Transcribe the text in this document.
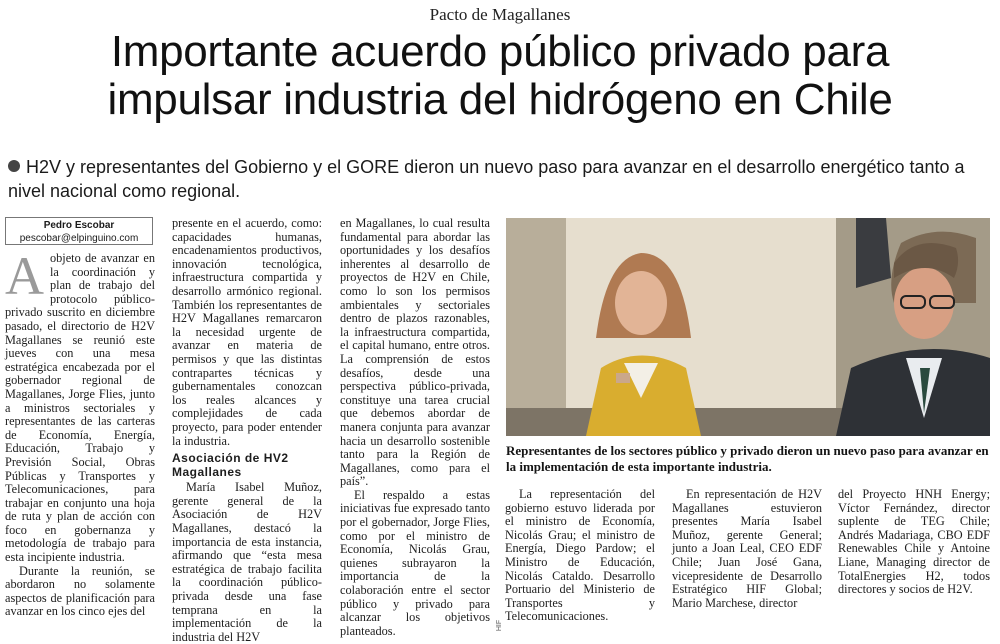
Pacto de Magallanes
Importante acuerdo público privado para
impulsar industria del hidrógeno en Chile
H2V y representantes del Gobierno y el GORE dieron un nuevo paso para avanzar en el desarrollo energético tanto a nivel nacional como regional.
Pedro Escobar
pescobar@elpinguino.com

Aobjeto de avanzar en la coordinación y plan de trabajo del protocolo público-privado suscrito en diciembre pasado, el directorio de H2V Magallanes se reunió este jueves con una mesa estratégica encabezada por el gobernador regional de Magallanes, Jorge Flies, junto a ministros sectoriales y representantes de las carteras de Economía, Energía, Educación, Trabajo y Previsión Social, Obras Públicas y Transportes y Telecomunicaciones, para trabajar en conjunto una hoja de ruta y plan de acción con foco en gobernanza y metodología de trabajo para esta incipiente industria.

Durante la reunión, se abordaron no solamente aspectos de planificación para avanzar en los cinco ejes del

presente en el acuerdo, como: capacidades humanas, encadenamientos productivos, innovación tecnológica, infraestructura compartida y desarrollo armónico regional. También los representantes de H2V Magallanes remarcaron la necesidad urgente de avanzar en materia de permisos y que las distintas contrapartes técnicas y gubernamentales conozcan los reales alcances y complejidades de cada proyecto, para poder entender la industria.

Asociación de HV2 Magallanes

María Isabel Muñoz, gerente general de la Asociación de H2V Magallanes, destacó la importancia de esta instancia, afirmando que “esta mesa estratégica de trabajo facilita la coordinación público-privada desde una fase temprana en la implementación de la industria del H2V

en Magallanes, lo cual resulta fundamental para abordar las oportunidades y los desafíos inherentes al desarrollo de proyectos de H2V en Chile, como lo son los permisos ambientales y sectoriales dentro de plazos razonables, la infraestructura compartida, el capital humano, entre otros. La comprensión de estos desafíos, desde una perspectiva público-privada, constituye una tarea crucial que debemos abordar de manera conjunta para avanzar hacia un desarrollo sostenible tanto para la Región de Magallanes, como para el país”.

El respaldo a estas iniciativas fue expresado tanto por el gobernador, Jorge Flies, como por el ministro de Economía, Nicolás Grau, quienes subrayaron la importancia de la colaboración entre el sector público y privado para alcanzar los objetivos planteados.	HIF
Representantes de los sectores público y privado dieron un nuevo paso para avanzar en la implementación de esta importante industria.

La representación del gobierno estuvo liderada por el ministro de Economía, Nicolás Grau; el ministro de Energía, Diego Pardow; el Ministro de Educación, Nicolás Cataldo. Desarrollo Portuario del Ministerio de Transportes y Telecomunicaciones.

En representación de H2V Magallanes estuvieron presentes María Isabel Muñoz, gerente General; junto a Joan Leal, CEO EDF Chile; Juan José Gana, vicepresidente de Desarrollo Estratégico HIF Global; Mario Marchese, director

del Proyecto HNH Energy; Víctor Fernández, director suplente de TEG Chile; Andrés Madariaga, CBO EDF Renewables Chile y Antoine Liane, Managing director de TotalEnergies H2, todos directores y socios de H2V.
